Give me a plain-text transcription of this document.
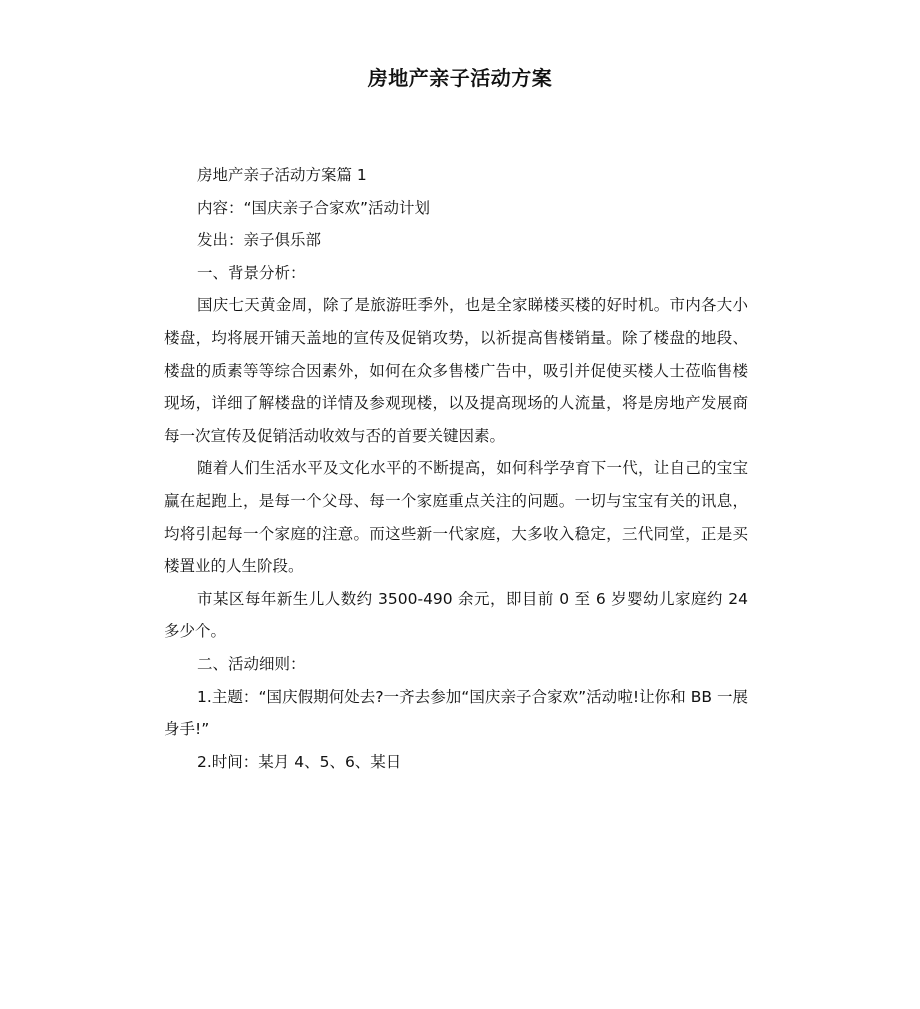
房地产亲子活动方案

房地产亲子活动方案篇 1

内容：“国庆亲子合家欢”活动计划

发出：亲子俱乐部

一、背景分析：

国庆七天黄金周，除了是旅游旺季外，也是全家睇楼买楼的好时机。市内各大小楼盘，均将展开铺天盖地的宣传及促销攻势，以祈提高售楼销量。除了楼盘的地段、楼盘的质素等等综合因素外，如何在众多售楼广告中，吸引并促使买楼人士莅临售楼现场，详细了解楼盘的详情及参观现楼，以及提高现场的人流量，将是房地产发展商每一次宣传及促销活动收效与否的首要关键因素。

随着人们生活水平及文化水平的不断提高，如何科学孕育下一代，让自己的宝宝赢在起跑上，是每一个父母、每一个家庭重点关注的问题。一切与宝宝有关的讯息，均将引起每一个家庭的注意。而这些新一代家庭，大多收入稳定，三代同堂，正是买楼置业的人生阶段。

市某区每年新生儿人数约 3500-490 余元，即目前 0 至 6 岁婴幼儿家庭约 24 多少个。

二、活动细则：

1.主题：“国庆假期何处去?一齐去参加“国庆亲子合家欢”活动啦!让你和 BB 一展身手!”

2.时间：某月 4、5、6、某日
